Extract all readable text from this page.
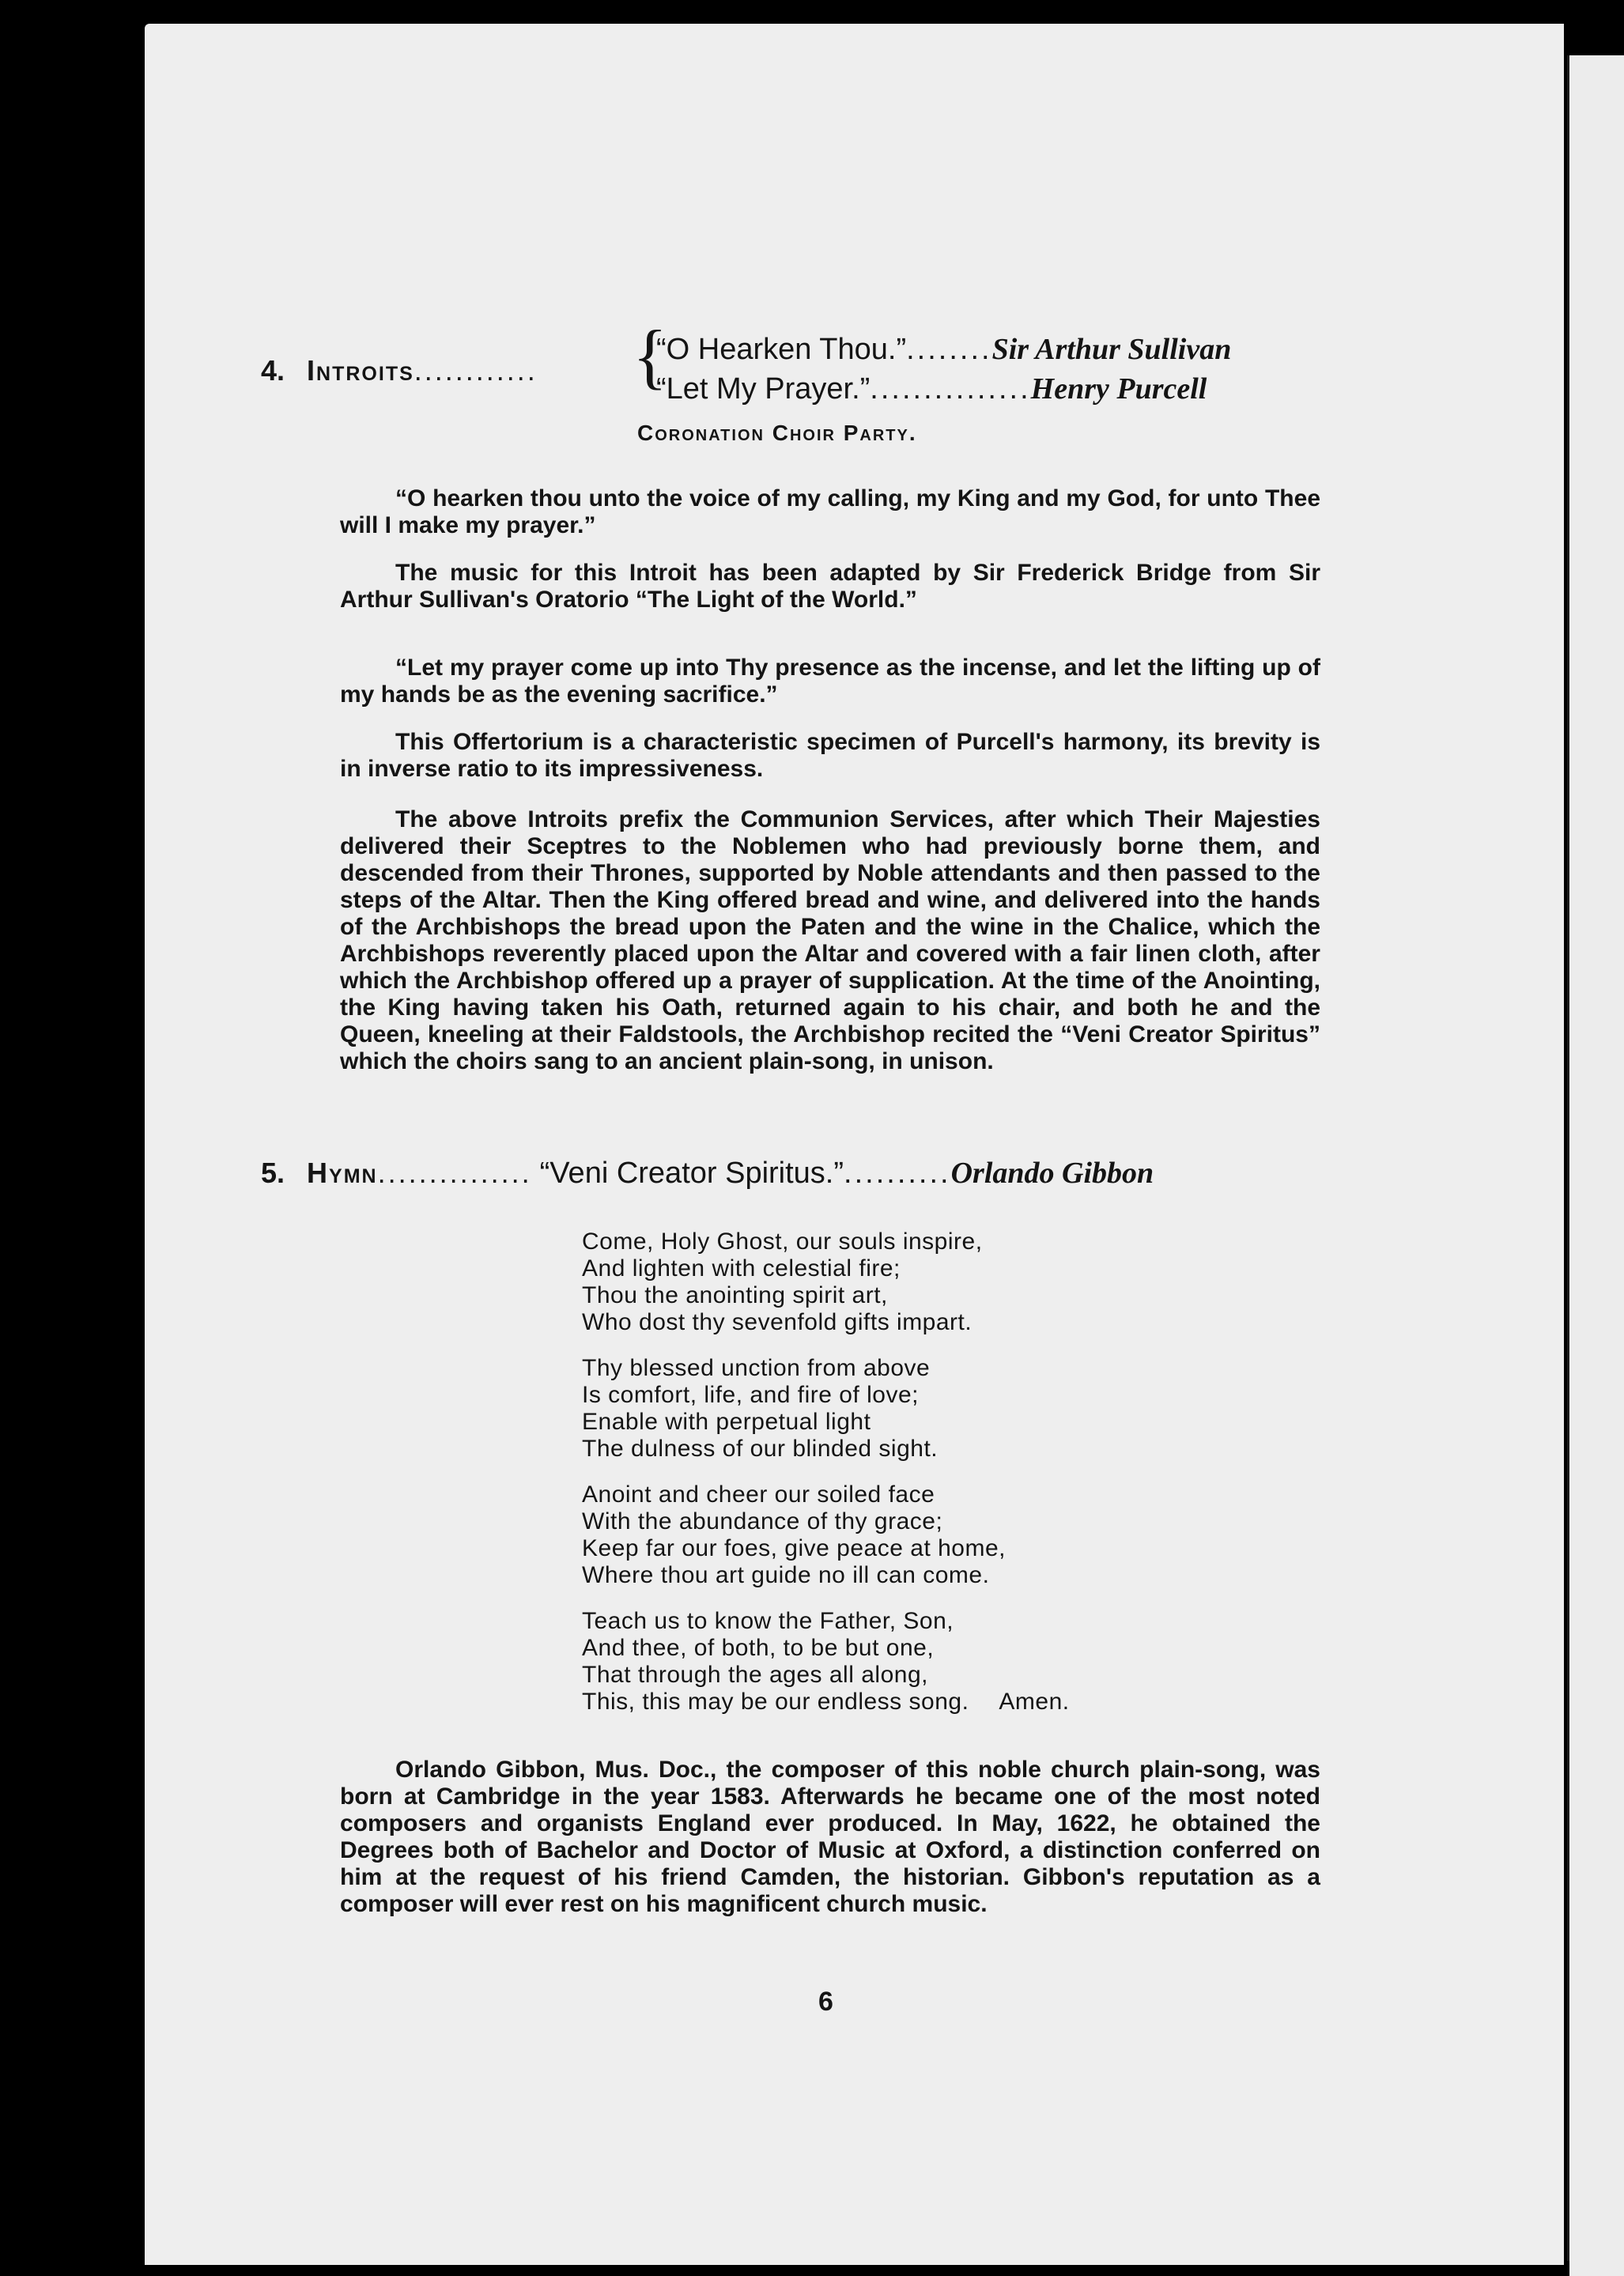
4. Introits............ {
“O Hearken Thou.”........Sir Arthur Sullivan
“Let My Prayer.”...............Henry Purcell
Coronation Choir Party.
“O hearken thou unto the voice of my calling, my King and my God, for unto Thee will I make my prayer.”
The music for this Introit has been adapted by Sir Frederick Bridge from Sir Arthur Sullivan's Oratorio “The Light of the World.”
“Let my prayer come up into Thy presence as the incense, and let the lifting up of my hands be as the evening sacrifice.”
This Offertorium is a characteristic specimen of Purcell's harmony, its brevity is in inverse ratio to its impressiveness.
The above Introits prefix the Communion Services, after which Their Majesties delivered their Sceptres to the Noblemen who had previously borne them, and descended from their Thrones, supported by Noble attendants and then passed to the steps of the Altar. Then the King offered bread and wine, and delivered into the hands of the Archbishops the bread upon the Paten and the wine in the Chalice, which the Archbishops reverently placed upon the Altar and covered with a fair linen cloth, after which the Archbishop offered up a prayer of supplication. At the time of the Anointing, the King having taken his Oath, returned again to his chair, and both he and the Queen, kneeling at their Faldstools, the Archbishop recited the “Veni Creator Spiritus” which the choirs sang to an ancient plain-song, in unison.
5. Hymn............... “Veni Creator Spiritus.”..........Orlando Gibbon
Come, Holy Ghost, our souls inspire,
And lighten with celestial fire;
Thou the anointing spirit art,
Who dost thy sevenfold gifts impart.
Thy blessed unction from above
Is comfort, life, and fire of love;
Enable with perpetual light
The dulness of our blinded sight.
Anoint and cheer our soiled face
With the abundance of thy grace;
Keep far our foes, give peace at home,
Where thou art guide no ill can come.
Teach us to know the Father, Son,
And thee, of both, to be but one,
That through the ages all along,
This, this may be our endless song. Amen.
Orlando Gibbon, Mus. Doc., the composer of this noble church plain-song, was born at Cambridge in the year 1583. Afterwards he became one of the most noted composers and organists England ever produced. In May, 1622, he obtained the Degrees both of Bachelor and Doctor of Music at Oxford, a distinction conferred on him at the request of his friend Camden, the historian. Gibbon's reputation as a composer will ever rest on his magnificent church music.
6
